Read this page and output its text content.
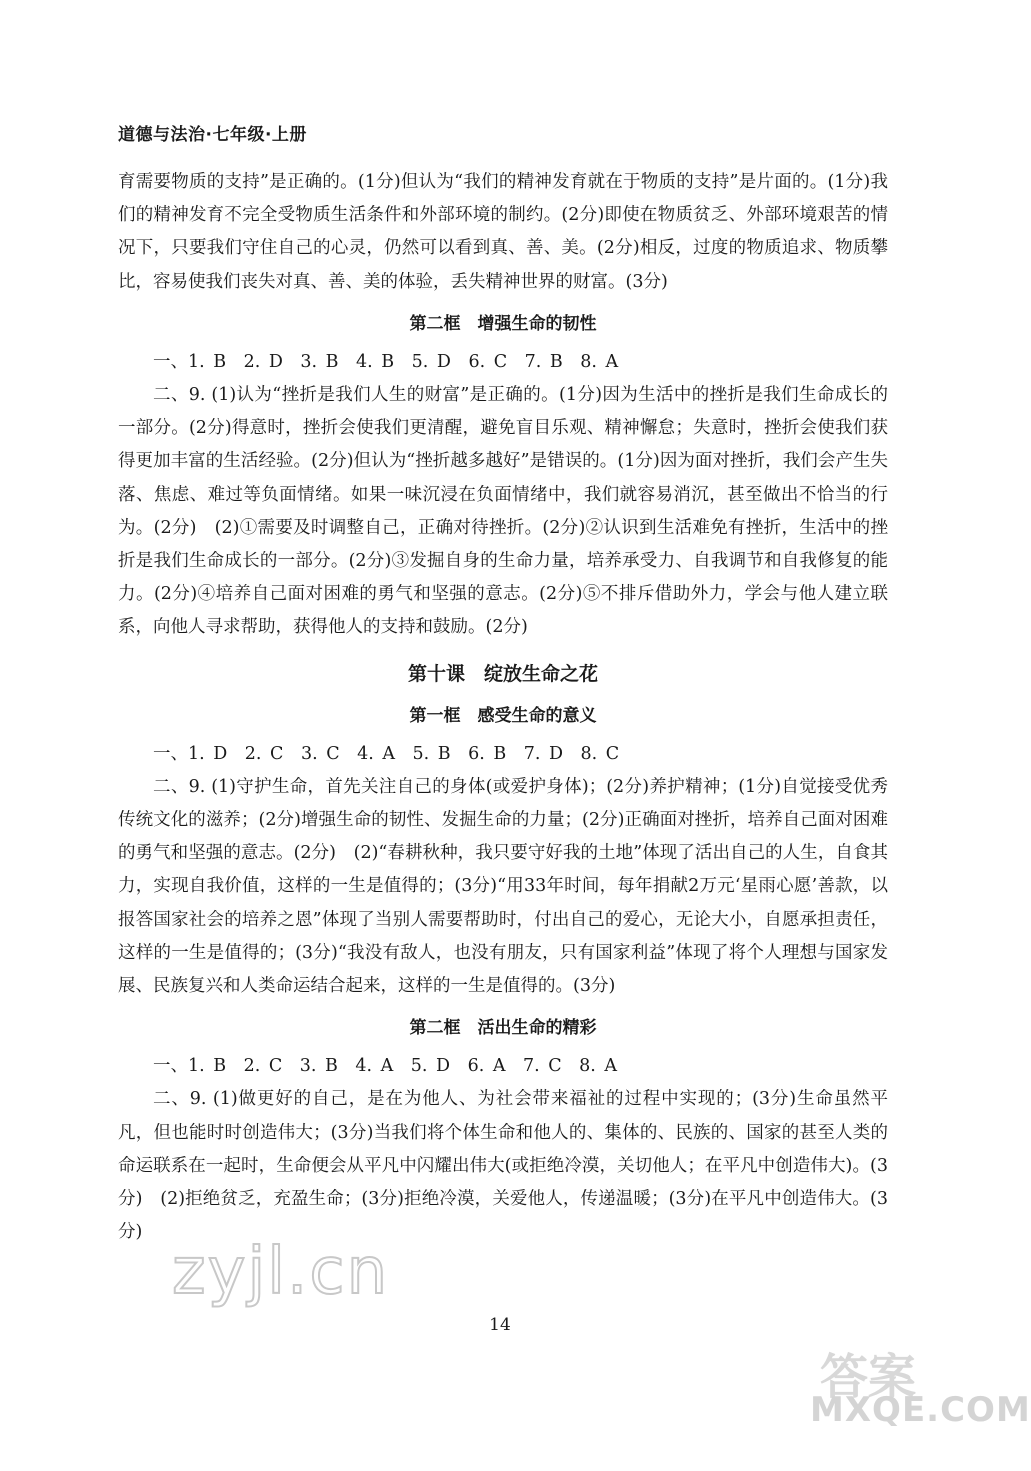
道德与法治·七年级·上册

育需要物质的支持”是正确的。(1分)但认为“我们的精神发育就在于物质的支持”是片面的。(1分)我们的精神发育不完全受物质生活条件和外部环境的制约。(2分)即使在物质贫乏、外部环境艰苦的情况下，只要我们守住自己的心灵，仍然可以看到真、善、美。(2分)相反，过度的物质追求、物质攀比，容易使我们丧失对真、善、美的体验，丢失精神世界的财富。(3分)

第二框　增强生命的韧性

一、1. B　2. D　3. B　4. B　5. D　6. C　7. B　8. A

二、9. (1)认为“挫折是我们人生的财富”是正确的。(1分)因为生活中的挫折是我们生命成长的一部分。(2分)得意时，挫折会使我们更清醒，避免盲目乐观、精神懈怠；失意时，挫折会使我们获得更加丰富的生活经验。(2分)但认为“挫折越多越好”是错误的。(1分)因为面对挫折，我们会产生失落、焦虑、难过等负面情绪。如果一味沉浸在负面情绪中，我们就容易消沉，甚至做出不恰当的行为。(2分)　(2)①需要及时调整自己，正确对待挫折。(2分)②认识到生活难免有挫折，生活中的挫折是我们生命成长的一部分。(2分)③发掘自身的生命力量，培养承受力、自我调节和自我修复的能力。(2分)④培养自己面对困难的勇气和坚强的意志。(2分)⑤不排斥借助外力，学会与他人建立联系，向他人寻求帮助，获得他人的支持和鼓励。(2分)

第十课　绽放生命之花
第一框　感受生命的意义

一、1. D　2. C　3. C　4. A　5. B　6. B　7. D　8. C

二、9. (1)守护生命，首先关注自己的身体(或爱护身体)；(2分)养护精神；(1分)自觉接受优秀传统文化的滋养；(2分)增强生命的韧性、发掘生命的力量；(2分)正确面对挫折，培养自己面对困难的勇气和坚强的意志。(2分)　(2)“春耕秋种，我只要守好我的土地”体现了活出自己的人生，自食其力，实现自我价值，这样的一生是值得的；(3分)“用33年时间，每年捐献2万元‘星雨心愿’善款，以报答国家社会的培养之恩”体现了当别人需要帮助时，付出自己的爱心，无论大小，自愿承担责任，这样的一生是值得的；(3分)“我没有敌人，也没有朋友，只有国家利益”体现了将个人理想与国家发展、民族复兴和人类命运结合起来，这样的一生是值得的。(3分)

第二框　活出生命的精彩

一、1. B　2. C　3. B　4. A　5. D　6. A　7. C　8. A

二、9. (1)做更好的自己，是在为他人、为社会带来福祉的过程中实现的；(3分)生命虽然平凡，但也能时时创造伟大；(3分)当我们将个体生命和他人的、集体的、民族的、国家的甚至人类的命运联系在一起时，生命便会从平凡中闪耀出伟大(或拒绝冷漠，关切他人；在平凡中创造伟大)。(3分)　(2)拒绝贫乏，充盈生命；(3分)拒绝冷漠，关爱他人，传递温暖；(3分)在平凡中创造伟大。(3分)

zyjl.cn
14
答案
MXQE.COM
